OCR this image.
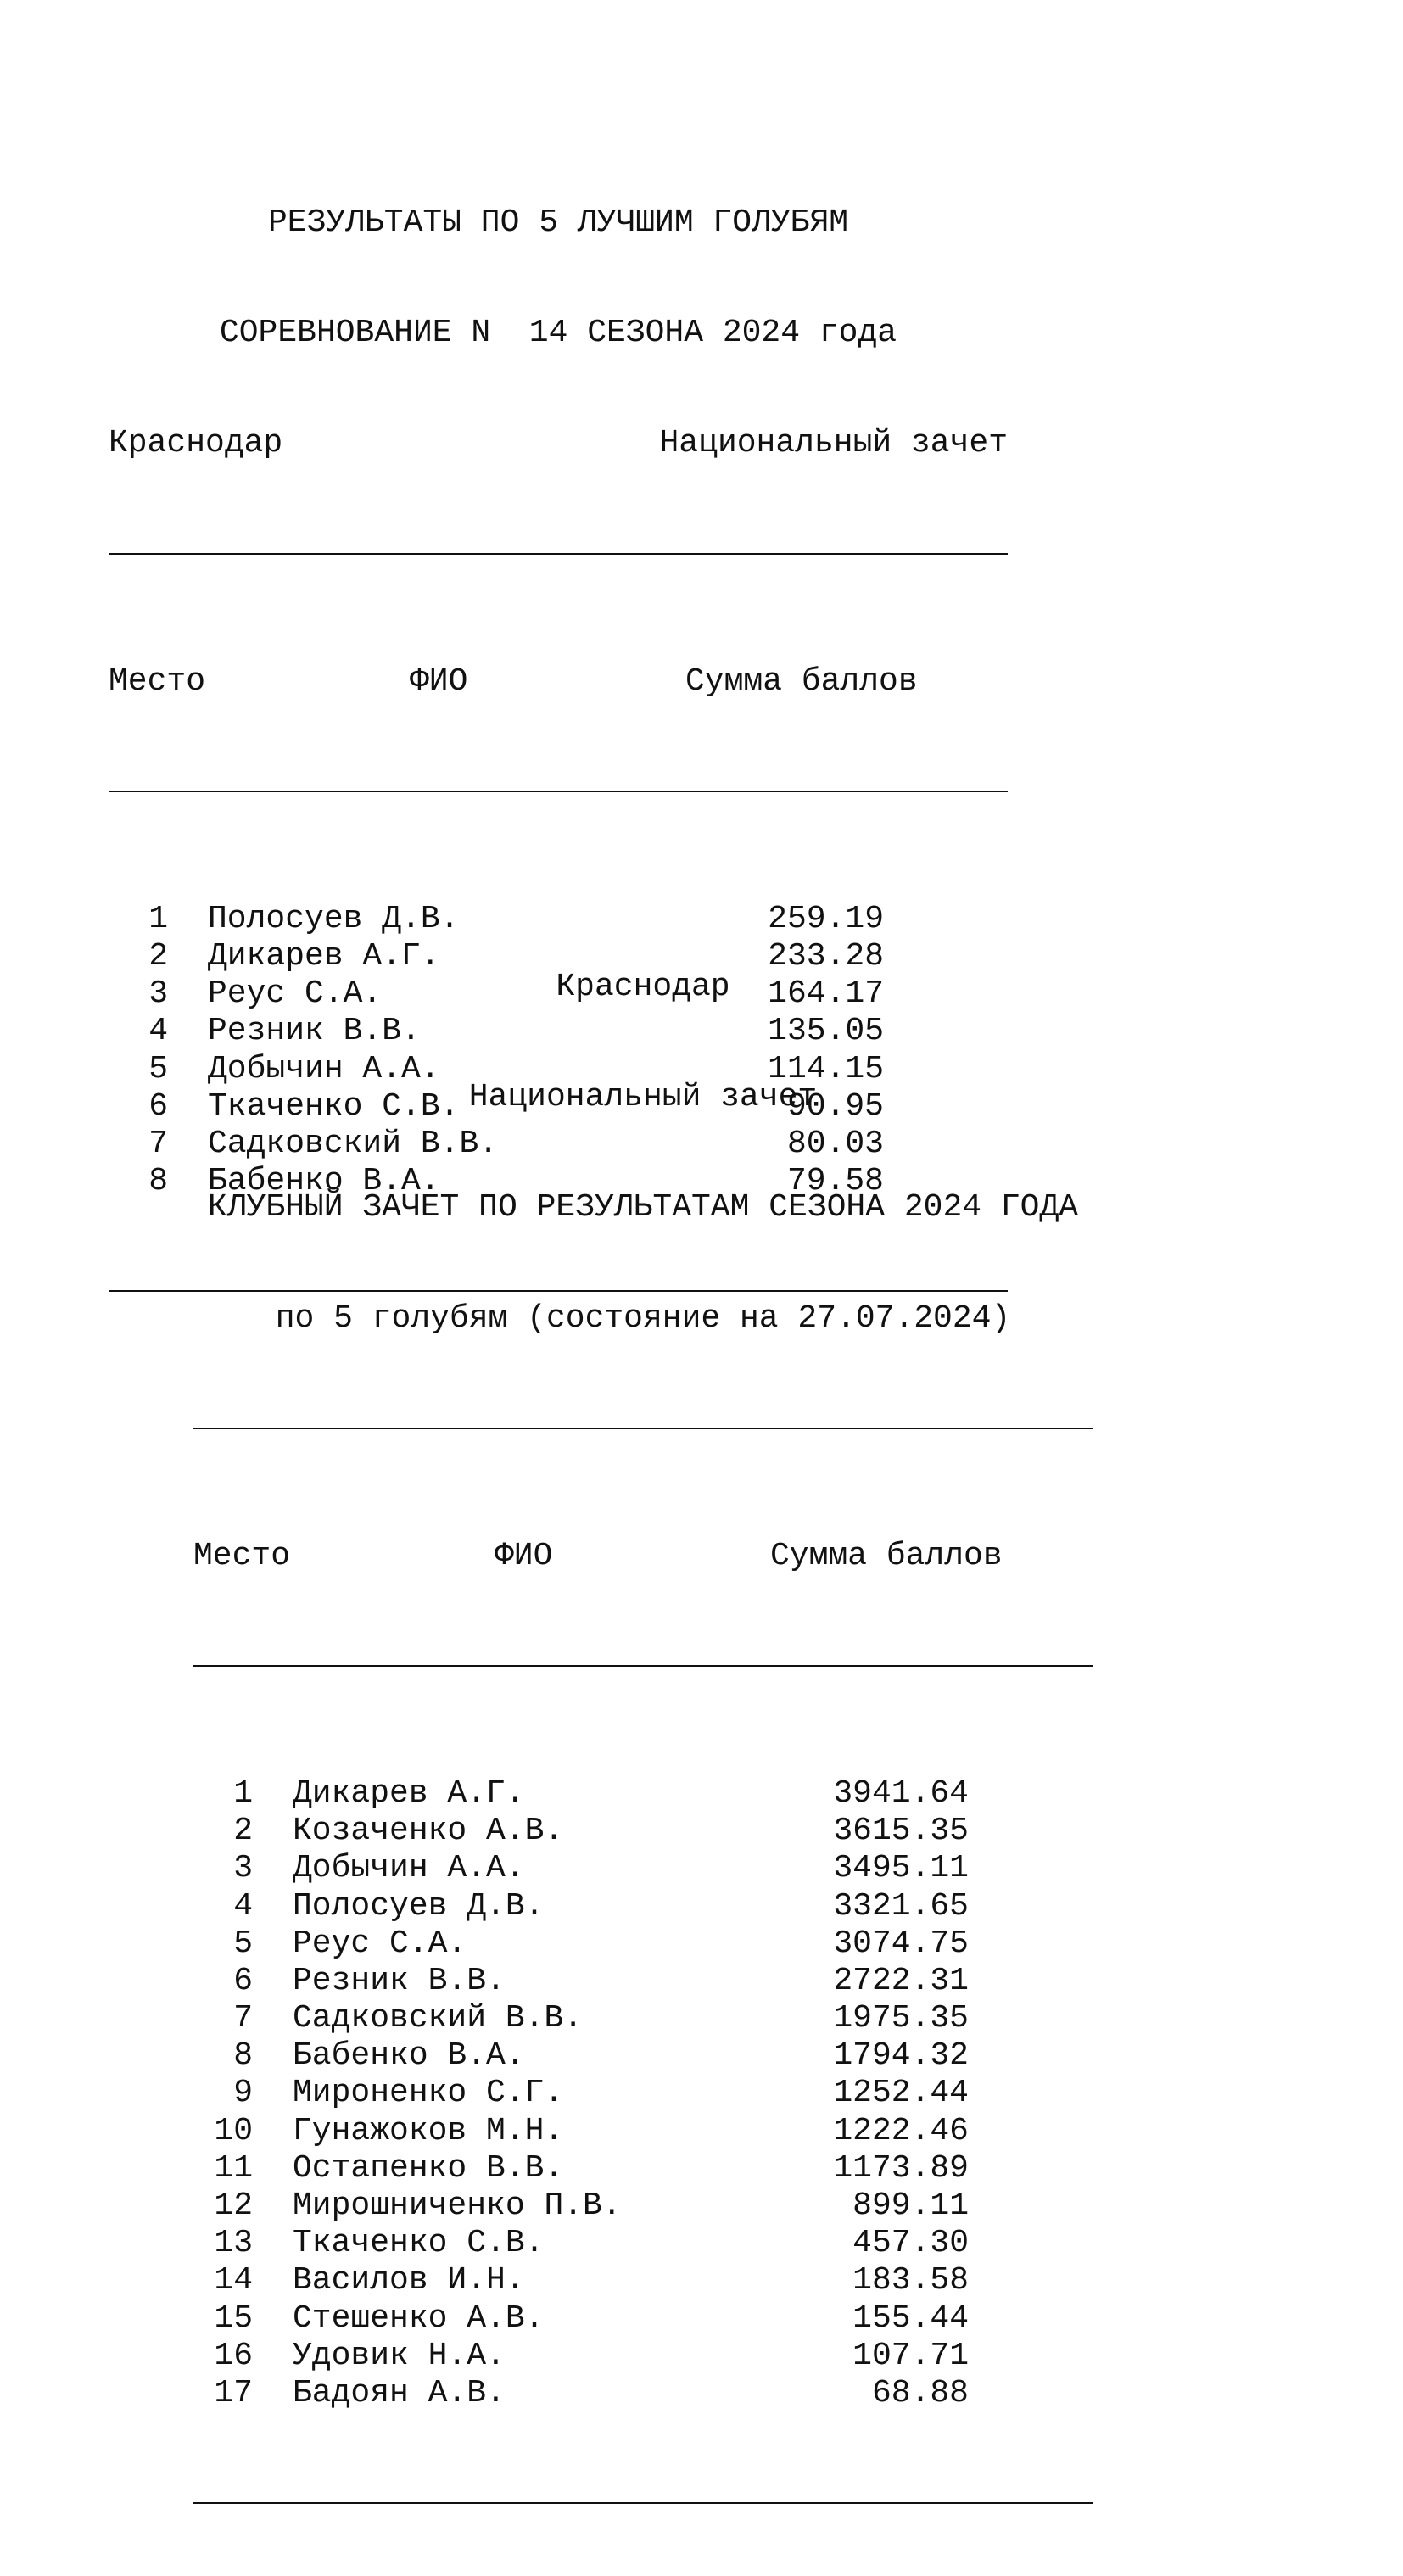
РЕЗУЛЬТАТЫ ПО 5 ЛУЧШИМ ГОЛУБЯМ

СОРЕВНОВАНИЕ N  14 СЕЗОНА 2024 года

Краснодар

	Национальный зачет

Место

	ФИО

	Сумма баллов

1 Полосуев Д.В.	259.19
2 Дикарев А.Г.	233.28
3 Реус С.А.	164.17
4 Резник В.В.	135.05
5 Добычин А.А.	114.15
6 Ткаченко С.В.	90.95
7 Садковский В.В.	80.03
8 Бабенко В.А.	79.58

Краснодар

Национальный зачет

КЛУБНЫЙ ЗАЧЕТ ПО РЕЗУЛЬТАТАМ СЕЗОНА 2024 ГОДА

по 5 голубям (состояние на 27.07.2024)

Место

	ФИО

	Сумма баллов

1 Дикарев А.Г.	3941.64
2 Козаченко А.В.	3615.35
3 Добычин А.А.	3495.11
4 Полосуев Д.В.	3321.65
5 Реус С.А.	3074.75
6 Резник В.В.	2722.31
7 Садковский В.В.	1975.35
8 Бабенко В.А.	1794.32
9 Мироненко С.Г.	1252.44
10 Гунажоков М.Н.	1222.46
11 Остапенко В.В.	1173.89
12 Мирошниченко П.В.	899.11
13 Ткаченко С.В.	457.30
14 Василов И.Н.	183.58
15 Стешенко А.В.	155.44
16 Удовик Н.А.	107.71
17 Бадоян А.В.	68.88
